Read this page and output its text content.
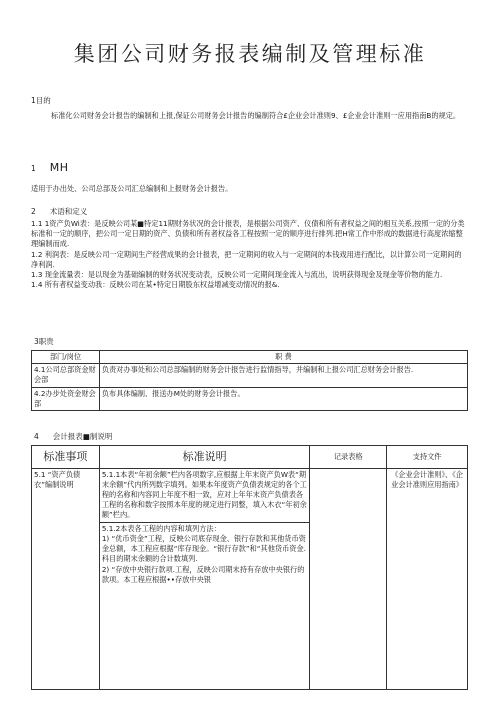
集团公司财务报表编制及管理标准
1目的
标准化公司财务会计报告的编制和上报,保证公司财务会计报告的编制符合£企业会计准则9、£企业会计准则一应用指南B的规定。
1 MH
适用于办出处、公司总部及公司汇总编制和上报财务会计报告。
2 术语和定义

1.1 1资产负Wi表：是反映公司某■特定11期财务状况的会计报表，是根据公司资产、仪债和所有者权益之间的相互关系,按照一定的分类标准和一定的顺序，把公司一定日期的资产、负债和所有者权益各工程按照一定的顺序进行排列.把H常工作中形成的数据进行高度浓缩整理编制而成.

1.2 利润表：是反映公司一定期间生产经营成果的会计报表，把一定期间的收入与一定期间的本钱戏用进行配比，以计算公司一定期间的净利润.

1.3 现金流量表：是以现金为基础编制的财务状况变动表，反映公司一定期间现金流入与流出，说明获得现金及现金等价物的能力.

1.4 所有者权益变动我：反映公司在某•特定日期股东权益增减变动情况的报&.

3职贵
部门/岗位	职 费
4.1公司总部资金财会部	负责对办事处和公司总部编制的财务会计报告进行监情指导，并编制和上报公司汇总财务会计报告.
4.2办步处资金财会部	负布具体编制、报送办M处的财务会计报告。
4 会计报表■制说明
标准事项	标准说明	记录表格	支持文件
5.1 “资产负债衣”编制说明	5.1.1本表“年初余额”栏内各项数字,应根据上年末资产负W表“期末余额”代内所列数字填列。如果本年度资产负债表规定的各个工程的名称和内容同上年度不相一致，应对上年年末资产负债表各工程的名称和数字按照本年度的规定进行同整，填入木衣“年初余额”栏内。
5.1.2本表各工程的内容和填列方法：
1) “优币资金”工程，反映公司底存现金、银行存款和其他货币资金总额，本工程应根据“库存现金。“银行存款”和“其他货币资金.科目的期末余额的合计数填列.
2) “存放中央银行款项.工程，反映公司期末持有存放中央银行的款项。本工程应根据••存放中央银		《企业会计准则》、《企业会计准则应用指南》
